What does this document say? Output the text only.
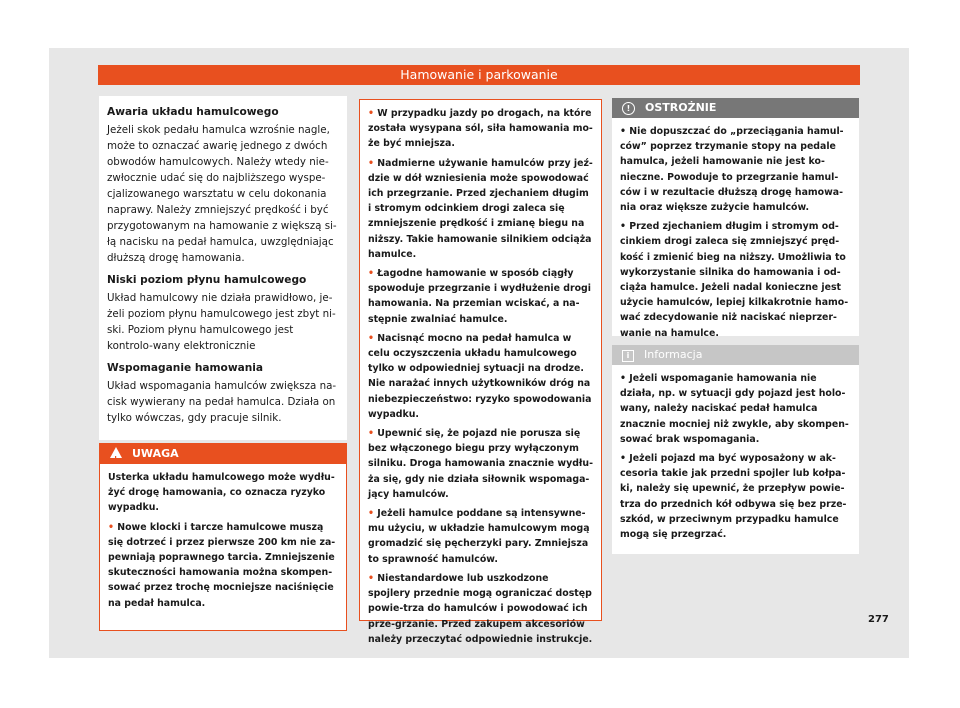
Hamowanie i parkowanie
Awaria układu hamulcowego

Jeżeli skok pedału hamulca wzrośnie nagle, może to oznaczać awarię jednego z dwóch obwodów hamulcowych. Należy wtedy nie-zwłocznie udać się do najbliższego wyspe-cjalizowanego warsztatu w celu dokonania naprawy. Należy zmniejszyć prędkość i być przygotowanym na hamowanie z większą si-łą nacisku na pedał hamulca, uwzględniając dłuższą drogę hamowania.

Niski poziom płynu hamulcowego

Układ hamulcowy nie działa prawidłowo, je-żeli poziom płynu hamulcowego jest zbyt ni-ski. Poziom płynu hamulcowego jest kontrolo-wany elektronicznie

Wspomaganie hamowania

Układ wspomagania hamulców zwiększa na-cisk wywierany na pedał hamulca. Działa on tylko wówczas, gdy pracuje silnik.

! UWAGA

Usterka układu hamulcowego może wydłu-żyć drogę hamowania, co oznacza ryzyko wypadku.

• Nowe klocki i tarcze hamulcowe muszą się dotrzeć i przez pierwsze 200 km nie za-pewniają poprawnego tarcia. Zmniejszenie skuteczności hamowania można skompen-sować przez trochę mocniejsze naciśnięcie na pedał hamulca.
• W przypadku jazdy po drogach, na które została wysypana sól, siła hamowania mo-że być mniejsza.
• Nadmierne używanie hamulców przy jeź-dzie w dół wzniesienia może spowodować ich przegrzanie. Przed zjechaniem długim i stromym odcinkiem drogi zaleca się zmniejszenie prędkość i zmianę biegu na niższy. Takie hamowanie silnikiem odciąża hamulce.
• Łagodne hamowanie w sposób ciągły spowoduje przegrzanie i wydłużenie drogi hamowania. Na przemian wciskać, a na-stępnie zwalniać hamulce.
• Nacisnąć mocno na pedał hamulca w celu oczyszczenia układu hamulcowego tylko w odpowiedniej sytuacji na drodze. Nie narażać innych użytkowników dróg na niebezpieczeństwo: ryzyko spowodowania wypadku.
• Upewnić się, że pojazd nie porusza się bez włączonego biegu przy wyłączonym silniku. Droga hamowania znacznie wydłu-ża się, gdy nie działa siłownik wspomaga-jący hamulców.
• Jeżeli hamulce poddane są intensywne-mu użyciu, w układzie hamulcowym mogą gromadzić się pęcherzyki pary. Zmniejsza to sprawność hamulców.
• Niestandardowe lub uszkodzone spojlery przednie mogą ograniczać dostęp powie-trza do hamulców i powodować ich prze-grzanie. Przed zakupem akcesoriów należy przeczytać odpowiednie instrukcje.
! OSTROŻNIE
• Nie dopuszczać do „przeciągania hamul-ców” poprzez trzymanie stopy na pedale hamulca, jeżeli hamowanie nie jest ko-nieczne. Powoduje to przegrzanie hamul-ców i w rezultacie dłuższą drogę hamowa-nia oraz większe zużycie hamulców.
• Przed zjechaniem długim i stromym od-cinkiem drogi zaleca się zmniejszyć pręd-kość i zmienić bieg na niższy. Umożliwia to wykorzystanie silnika do hamowania i od-ciąża hamulce. Jeżeli nadal konieczne jest użycie hamulców, lepiej kilkakrotnie hamo-wać zdecydowanie niż naciskać nieprzer-wanie na hamulce.
i Informacja
• Jeżeli wspomaganie hamowania nie działa, np. w sytuacji gdy pojazd jest holo-wany, należy naciskać pedał hamulca znacznie mocniej niż zwykle, aby skompen-sować brak wspomagania.
• Jeżeli pojazd ma być wyposażony w ak-cesoria takie jak przedni spojler lub kołpa-ki, należy się upewnić, że przepływ powie-trza do przednich kół odbywa się bez prze-szkód, w przeciwnym przypadku hamulce mogą się przegrzać.
277
